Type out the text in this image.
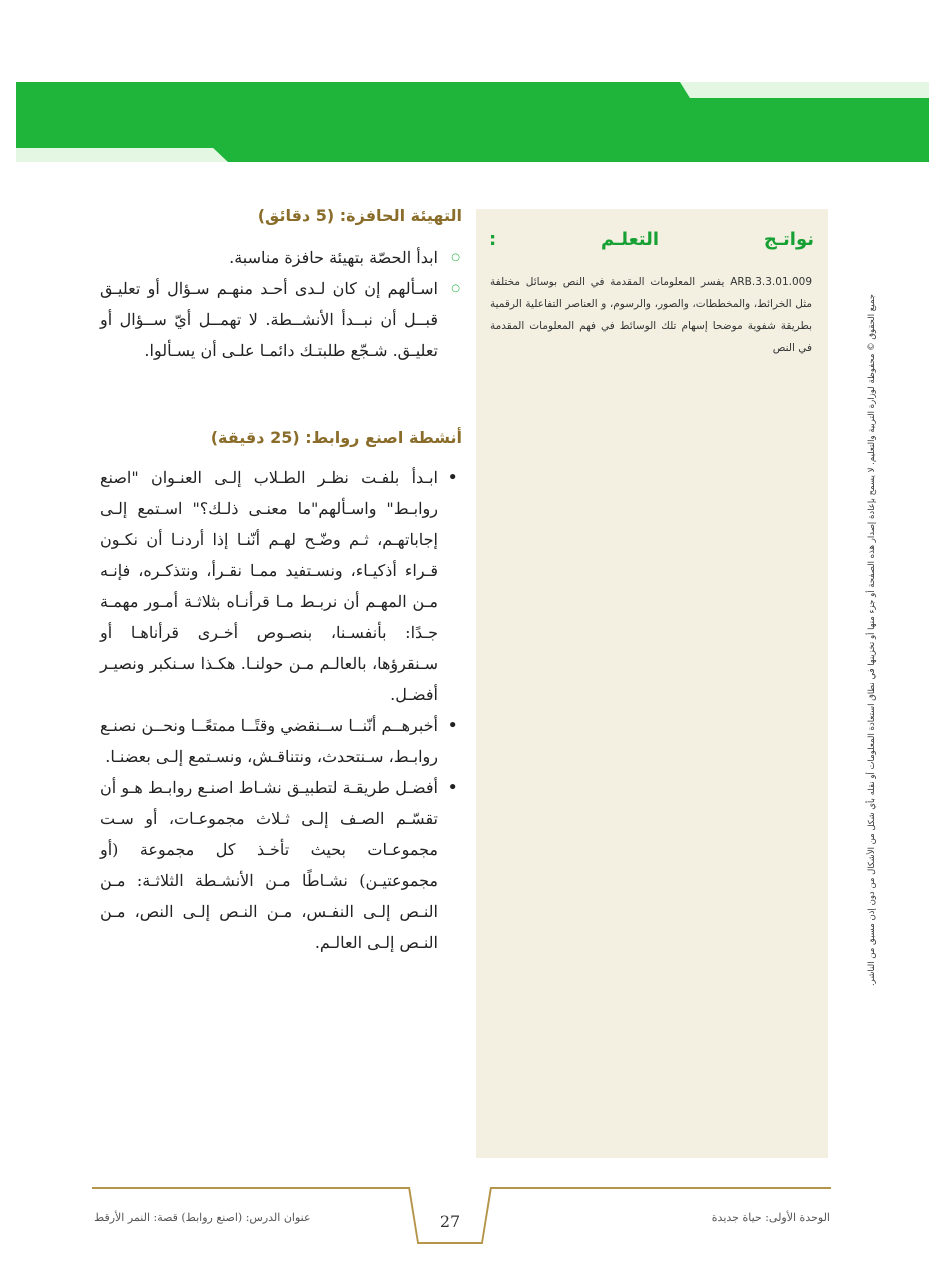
نواتـج
التعلـم
:
ARB.3.3.01.009 يفسر المعلومات المقدمة في النص بوسائل مختلفة مثل الخرائط، والمخططات، والصور، والرسوم، و العناصر التفاعلية الرقمية بطريقة شفوية موضحا إسهام تلك الوسائط في فهم المعلومات المقدمة في النص	جميع الحقوق © محفوظة لوزارة التربية والتعليم. لا يسمح بإعادة إصدار هذه الصفحة أو جزء منها أو تخزينها في نطاق استعادة المعلومات أو نقله بأي شكل من الأشكال من دون إذن مسبق من الناشر.
التهيئة الحافزة: (5 دقائق)
○ ابدأ الحصّة بتهيئة حافزة مناسبة.
○ اسـألهم إن كان لـدى أحـد منهـم سـؤال أو تعليـق قبــل أن نبــدأ الأنشــطة. لا تهمــل أيّ ســؤال أو تعليـق. شـجّع طلبتـك دائمـا علـى أن يسـألوا.
أنشطة اصنع روابط: (25 دقيقة)
• ابـدأ بلفـت نظـر الطـلاب إلـى العنـوان "اصنع روابـط" واسـألهم"ما معنـى ذلـك؟" اسـتمع إلـى إجاباتهـم، ثـم وضّـح لهـم أنّنـا إذا أردنـا أن نكـون قـراء أذكيـاء، ونسـتفيد ممـا نقـرأ، ونتذكـره، فإنـه مـن المهـم أن نربـط مـا قرأنـاه بثلاثـة أمـور مهمـة جـدًا: بأنفسـنا، بنصـوص أخـرى قرأناهـا أو سـنقرؤها، بالعالـم مـن حولنـا. هكـذا سـنكبر ونصيـر أفضـل.
• أخبرهــم أنّنــا ســنقضي وقتًــا ممتعًــا ونحــن نصنـع روابـط، سـنتحدث، ونتناقـش، ونسـتمع إلـى بعضنـا.
• أفضـل طريقـة لتطبيـق نشـاط اصنـع روابـط هـو أن تقسّـم الصـف إلـى ثـلاث مجموعـات، أو سـت مجموعـات بحيث تأخـذ كل مجموعة (أو مجموعتيـن) نشـاطًا مـن الأنشـطة الثلاثـة: مـن النـص إلـى النفـس، مـن النـص إلـى النص، مـن النـص إلـى العالـم.
27	الوحدة الأولى: حياة جديدة
عنوان الدرس: (اصنع روابط) قصة: النمر الأرقط
